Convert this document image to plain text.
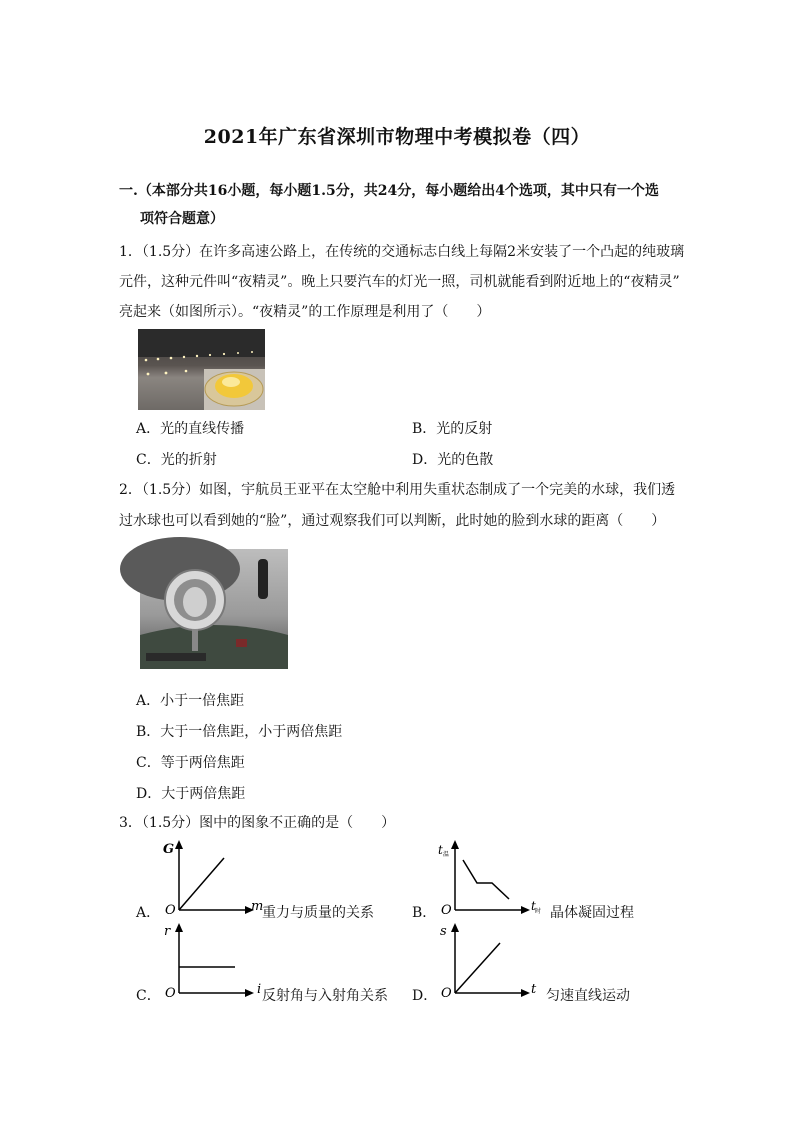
2021年广东省深圳市物理中考模拟卷（四）
一.（本部分共16小题，每小题1.5分，共24分，每小题给出4个选项，其中只有一个选
项符合题意）
1．（1.5分）在许多高速公路上，在传统的交通标志白线上每隔2米安装了一个凸起的纯玻璃
元件，这种元件叫“夜精灵”。晚上只要汽车的灯光一照，司机就能看到附近地上的“夜精灵”
亮起来（如图所示）。“夜精灵”的工作原理是利用了（　　）
A．光的直线传播	B．光的反射
C．光的折射	D．光的色散
2．（1.5分）如图，宇航员王亚平在太空舱中利用失重状态制成了一个完美的水球，我们透
过水球也可以看到她的“脸”，通过观察我们可以判断，此时她的脸到水球的距离（　　）
A．小于一倍焦距
B．大于一倍焦距，小于两倍焦距
C．等于两倍焦距
D．大于两倍焦距
3．（1.5分）图中的图象不正确的是（　　）
A．
G
O	m
重力与质量的关系	B．
t 温
O	t 时 晶体凝固过程
C．
r
O	i 反射角与入射角关系 D．
s
O	t 匀速直线运动
